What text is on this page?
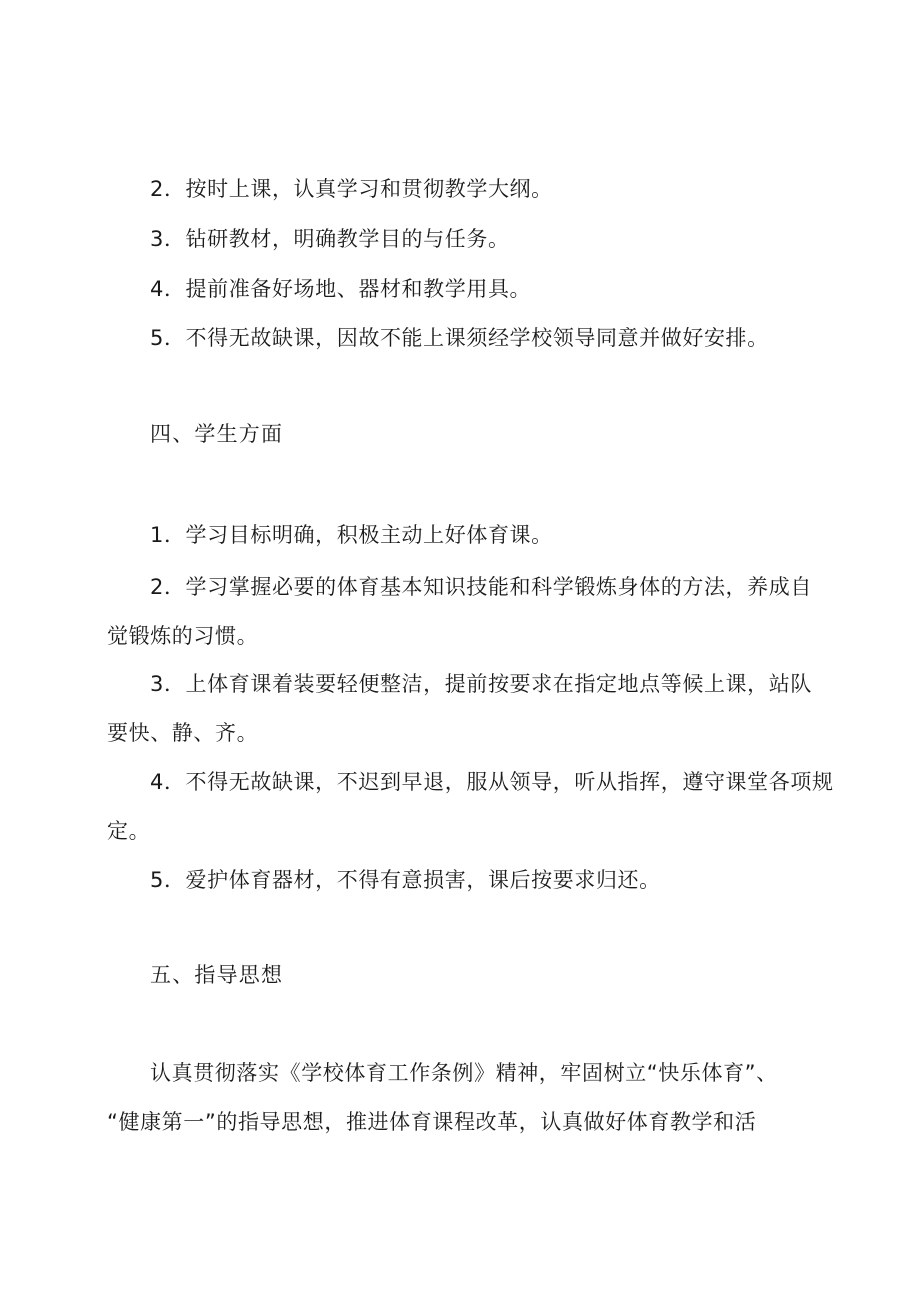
2．按时上课，认真学习和贯彻教学大纲。
3．钻研教材，明确教学目的与任务。
4．提前准备好场地、器材和教学用具。
5．不得无故缺课，因故不能上课须经学校领导同意并做好安排。
四、学生方面
1．学习目标明确，积极主动上好体育课。
2．学习掌握必要的体育基本知识技能和科学锻炼身体的方法，养成自
觉锻炼的习惯。
3．上体育课着装要轻便整洁，提前按要求在指定地点等候上课，站队
要快、静、齐。
4．不得无故缺课，不迟到早退，服从领导，听从指挥，遵守课堂各项规
定。
5．爱护体育器材，不得有意损害，课后按要求归还。
五、指导思想
认真贯彻落实《学校体育工作条例》精神，牢固树立“快乐体育”、
“健康第一”的指导思想，推进体育课程改革，认真做好体育教学和活
